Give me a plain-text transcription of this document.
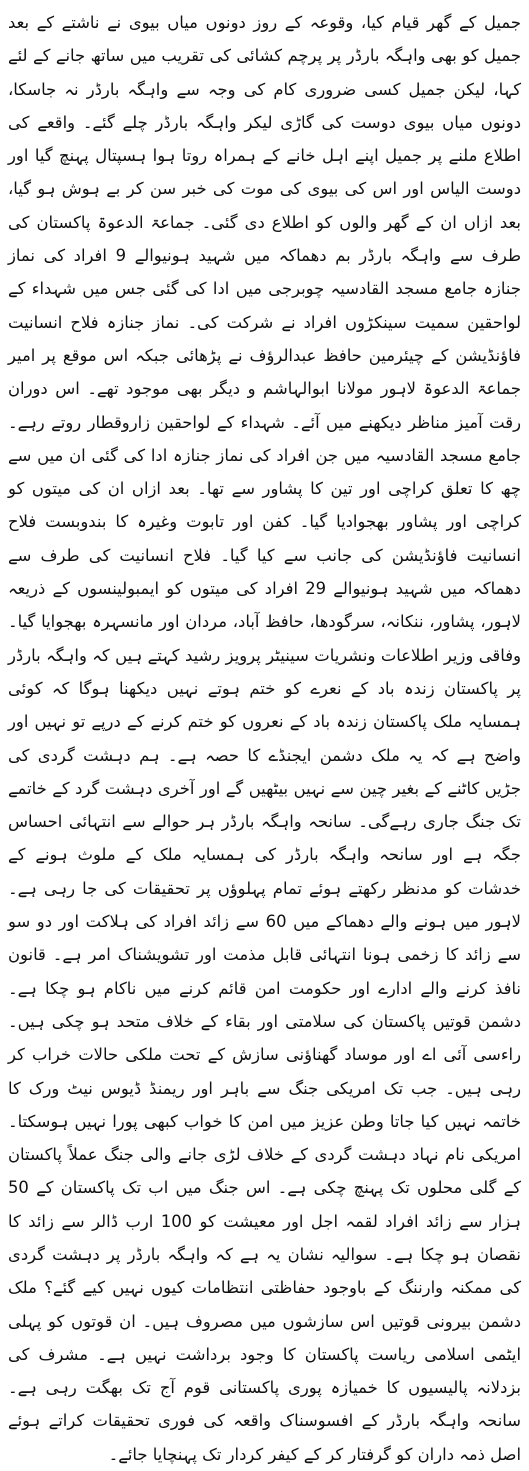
جمیل کے گھر قیام کیا، وقوعہ کے روز دونوں میاں بیوی نے ناشتے کے بعد جمیل کو بھی واہگہ بارڈر پر پرچم کشائی کی تقریب میں ساتھ جانے کے لئے کہا، لیکن جمیل کسی ضروری کام کی وجہ سے واہگہ بارڈر نہ جاسکا، دونوں میاں بیوی دوست کی گاڑی لیکر واہگہ بارڈر چلے گئے۔ واقعے کی اطلاع ملنے پر جمیل اپنے اہل خانے کے ہمراہ روتا ہوا ہسپتال پہنچ گیا اور دوست الیاس اور اس کی بیوی کی موت کی خبر سن کر بے ہوش ہو گیا، بعد ازاں ان کے گھر والوں کو اطلاع دی گئی۔ جماعۃ الدعوۃ پاکستان کی طرف سے واہگہ بارڈر بم دھماکہ میں شہید ہونیوالے 9 افراد کی نماز جنازہ جامع مسجد القادسیہ چوبرجی میں ادا کی گئی جس میں شہداء کے لواحقین سمیت سینکڑوں افراد نے شرکت کی۔ نماز جنازہ فلاح انسانیت فاؤنڈیشن کے چیئرمین حافظ عبدالرؤف نے پڑھائی جبکہ اس موقع پر امیر جماعۃ الدعوۃ لاہور مولانا ابوالہاشم و دیگر بھی موجود تھے۔ اس دوران رقت آمیز مناظر دیکھنے میں آئے۔ شہداء کے لواحقین زاروقطار روتے رہے۔ جامع مسجد القادسیہ میں جن افراد کی نماز جنازہ ادا کی گئی ان میں سے چھ کا تعلق کراچی اور تین کا پشاور سے تھا۔ بعد ازاں ان کی میتوں کو کراچی اور پشاور بھجوادیا گیا۔ کفن اور تابوت وغیرہ کا بندوبست فلاح انسانیت فاؤنڈیشن کی جانب سے کیا گیا۔ فلاح انسانیت کی طرف سے دھماکہ میں شہید ہونیوالے 29 افراد کی میتوں کو ایمبولینسوں کے ذریعہ لاہور، پشاور، ننکانہ، سرگودھا، حافظ آباد، مردان اور مانسہرہ بھجوایا گیا۔ وفاقی وزیر اطلاعات ونشریات سینیٹر پرویز رشید کہتے ہیں کہ واہگہ بارڈر پر پاکستان زندہ باد کے نعرے کو ختم ہوتے نہیں دیکھنا ہوگا کہ کوئی ہمسایہ ملک پاکستان زندہ باد کے نعروں کو ختم کرنے کے درپے تو نہیں اور واضح ہے کہ یہ ملک دشمن ایجنڈے کا حصہ ہے۔ ہم دہشت گردی کی جڑیں کاٹنے کے بغیر چین سے نہیں بیٹھیں گے اور آخری دہشت گرد کے خاتمے تک جنگ جاری رہےگی۔ سانحہ واہگہ بارڈر ہر حوالے سے انتہائی احساس جگہ ہے اور سانحہ واہگہ بارڈر کی ہمسایہ ملک کے ملوث ہونے کے خدشات کو مدنظر رکھتے ہوئے تمام پہلوؤں پر تحقیقات کی جا رہی ہے۔ لاہور میں ہونے والے دھماکے میں 60 سے زائد افراد کی ہلاکت اور دو سو سے زائد کا زخمی ہونا انتہائی قابل مذمت اور تشویشناک امر ہے۔ قانون نافذ کرنے والے ادارے اور حکومت امن قائم کرنے میں ناکام ہو چکا ہے۔ دشمن قوتیں پاکستان کی سلامتی اور بقاء کے خلاف متحد ہو چکی ہیں۔ راءسی آئی اے اور موساد گھناؤنی سازش کے تحت ملکی حالات خراب کر رہی ہیں۔ جب تک امریکی جنگ سے باہر اور ریمنڈ ڈیوس نیٹ ورک کا خاتمہ نہیں کیا جاتا وطن عزیز میں امن کا خواب کبھی پورا نہیں ہوسکتا۔ امریکی نام نہاد دہشت گردی کے خلاف لڑی جانے والی جنگ عملاً پاکستان کے گلی محلوں تک پہنچ چکی ہے۔ اس جنگ میں اب تک پاکستان کے 50 ہزار سے زائد افراد لقمہ اجل اور معیشت کو 100 ارب ڈالر سے زائد کا نقصان ہو چکا ہے۔ سوالیہ نشان یہ ہے کہ واہگہ بارڈر پر دہشت گردی کی ممکنہ وارننگ کے باوجود حفاظتی انتظامات کیوں نہیں کیے گئے؟ ملک دشمن بیرونی قوتیں اس سازشوں میں مصروف ہیں۔ ان قوتوں کو پہلی ایٹمی اسلامی ریاست پاکستان کا وجود برداشت نہیں ہے۔ مشرف کی بزدلانہ پالیسیوں کا خمیازہ پوری پاکستانی قوم آج تک بھگت رہی ہے۔ سانحہ واہگہ بارڈر کے افسوسناک واقعہ کی فوری تحقیقات کراتے ہوئے اصل ذمہ داران کو گرفتار کر کے کیفر کردار تک پہنچایا جائے۔
